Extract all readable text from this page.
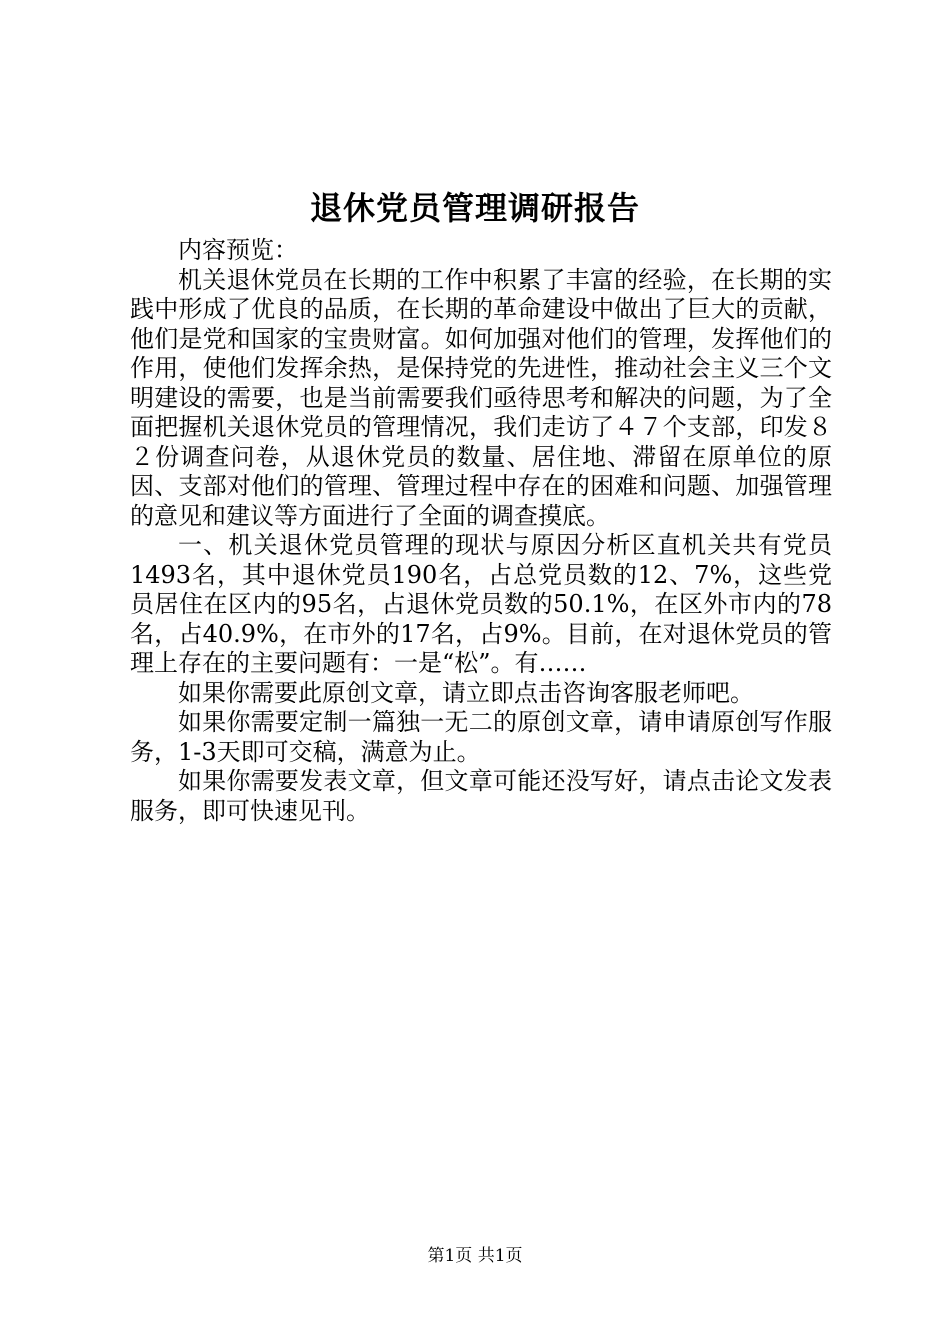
退休党员管理调研报告

内容预览：

机关退休党员在长期的工作中积累了丰富的经验，在长期的实践中形成了优良的品质，在长期的革命建设中做出了巨大的贡献，他们是党和国家的宝贵财富。如何加强对他们的管理，发挥他们的作用，使他们发挥余热，是保持党的先进性，推动社会主义三个文明建设的需要，也是当前需要我们亟待思考和解决的问题，为了全面把握机关退休党员的管理情况，我们走访了４７个支部，印发８２份调查问卷，从退休党员的数量、居住地、滞留在原单位的原因、支部对他们的管理、管理过程中存在的困难和问题、加强管理的意见和建议等方面进行了全面的调查摸底。

一、机关退休党员管理的现状与原因分析区直机关共有党员1493名，其中退休党员190名，占总党员数的12、7%，这些党员居住在区内的95名，占退休党员数的50.1%，在区外市内的78名，占40.9%，在市外的17名，占9%。目前，在对退休党员的管理上存在的主要问题有：一是“松”。有……

如果你需要此原创文章，请立即点击咨询客服老师吧。

如果你需要定制一篇独一无二的原创文章，请申请原创写作服务，1-3天即可交稿，满意为止。

如果你需要发表文章，但文章可能还没写好，请点击论文发表服务，即可快速见刊。

第1页 共1页
